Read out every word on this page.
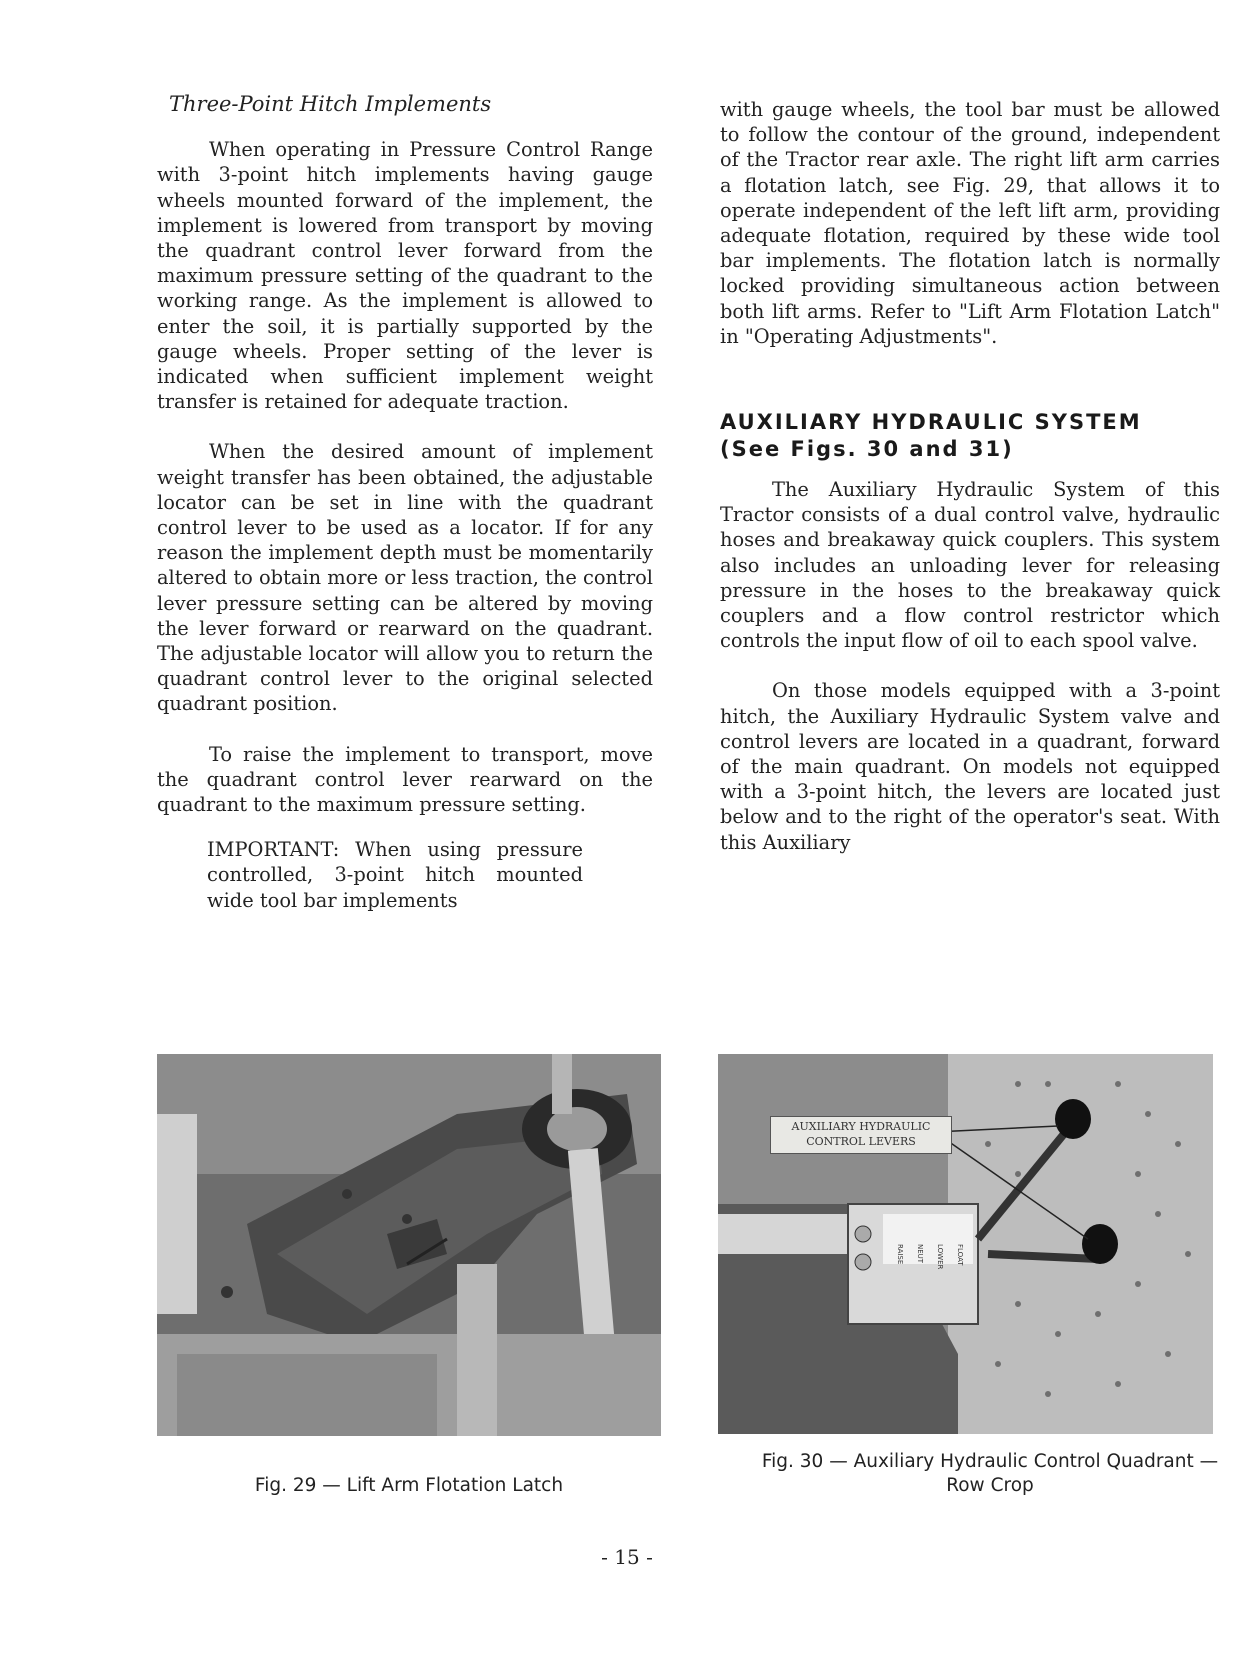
Three-Point Hitch Implements

When operating in Pressure Control Range with 3-point hitch implements having gauge wheels mounted forward of the implement, the implement is lowered from transport by moving the quadrant control lever forward from the maximum pressure setting of the quadrant to the working range. As the implement is allowed to enter the soil, it is partially supported by the gauge wheels. Proper setting of the lever is indicated when sufficient implement weight transfer is retained for adequate traction.

When the desired amount of implement weight transfer has been obtained, the adjustable locator can be set in line with the quadrant control lever to be used as a locator. If for any reason the implement depth must be momentarily altered to obtain more or less traction, the control lever pressure setting can be altered by moving the lever forward or rearward on the quadrant. The adjustable locator will allow you to return the quadrant control lever to the original selected quadrant position.

To raise the implement to transport, move the quadrant control lever rearward on the quadrant to the maximum pressure setting.

IMPORTANT: When using pressure controlled, 3-point hitch mounted wide tool bar implements

with gauge wheels, the tool bar must be allowed to follow the contour of the ground, independent of the Tractor rear axle. The right lift arm carries a flotation latch, see Fig. 29, that allows it to operate independent of the left lift arm, providing adequate flotation, required by these wide tool bar implements. The flotation latch is normally locked providing simultaneous action between both lift arms. Refer to "Lift Arm Flotation Latch" in "Operating Adjustments".

AUXILIARY HYDRAULIC SYSTEM
(See Figs. 30 and 31)

The Auxiliary Hydraulic System of this Tractor consists of a dual control valve, hydraulic hoses and breakaway quick couplers. This system also includes an unloading lever for releasing pressure in the hoses to the breakaway quick couplers and a flow control restrictor which controls the input flow of oil to each spool valve.

On those models equipped with a 3-point hitch, the Auxiliary Hydraulic System valve and control levers are located in a quadrant, forward of the main quadrant. On models not equipped with a 3-point hitch, the levers are located just below and to the right of the operator's seat. With this Auxiliary

Fig. 29 — Lift Arm Flotation Latch
RAISE NEUT LOWER FLOAT
AUXILIARY HYDRAULIC
CONTROL LEVERS
Fig. 30 — Auxiliary Hydraulic Control Quadrant —
Row Crop
- 15 -
